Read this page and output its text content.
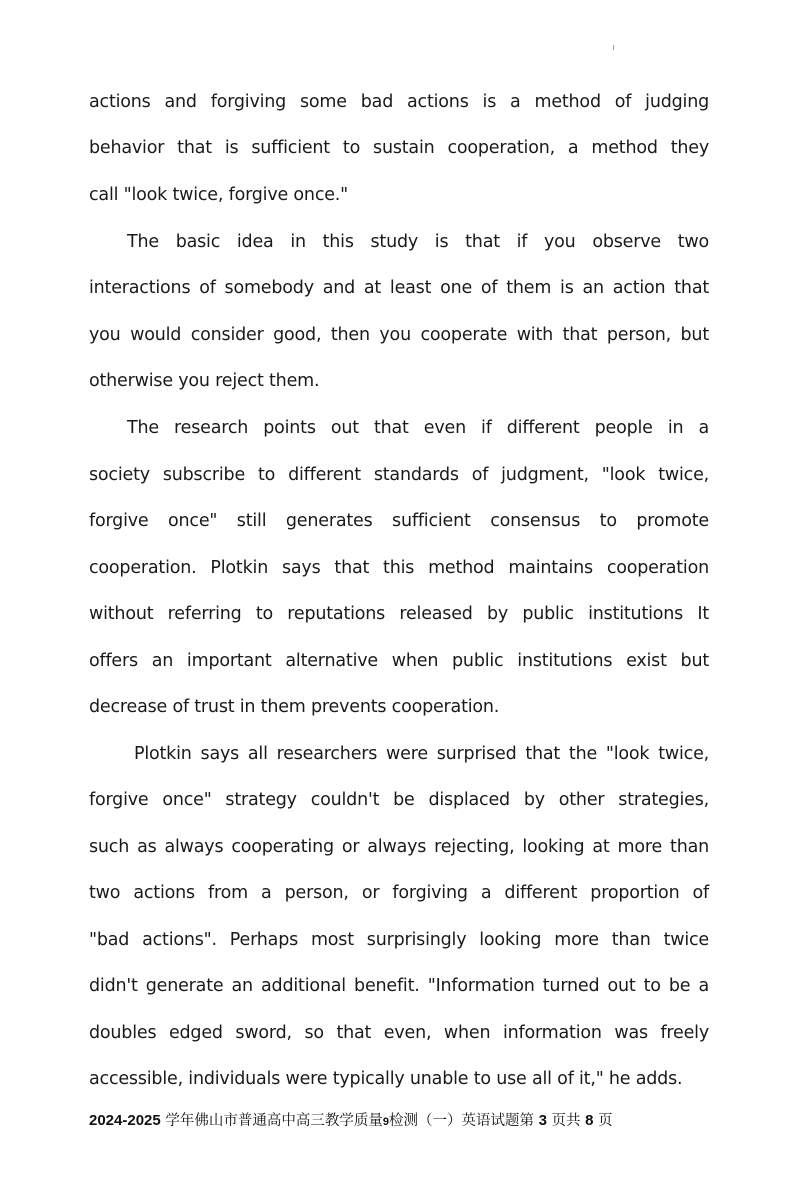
actions and forgiving some bad actions is a method of judging
behavior that is sufficient to sustain cooperation, a method they
call "look twice, forgive once."
The basic idea in this study is that if you observe two
interactions of somebody and at least one of them is an action that
you would consider good, then you cooperate with that person, but
otherwise you reject them.
The research points out that even if different people in a
society subscribe to different standards of judgment, "look twice,
forgive once" still generates sufficient consensus to promote
cooperation. Plotkin says that this method maintains cooperation
without referring to reputations released by public institutions It
offers an important alternative when public institutions exist but
decrease of trust in them prevents cooperation.
Plotkin says all researchers were surprised that the "look twice,
forgive once" strategy couldn't be displaced by other strategies,
such as always cooperating or always rejecting, looking at more than
two actions from a person, or forgiving a different proportion of
"bad actions". Perhaps most surprisingly looking more than twice
didn't generate an additional benefit. "Information turned out to be a
doubles edged sword, so that even, when information was freely
accessible, individuals were typically unable to use all of it," he adds.
2024-2025 学年佛山市普通高中高三教学质量9检测（一）英语试题第 3 页共 8 页
